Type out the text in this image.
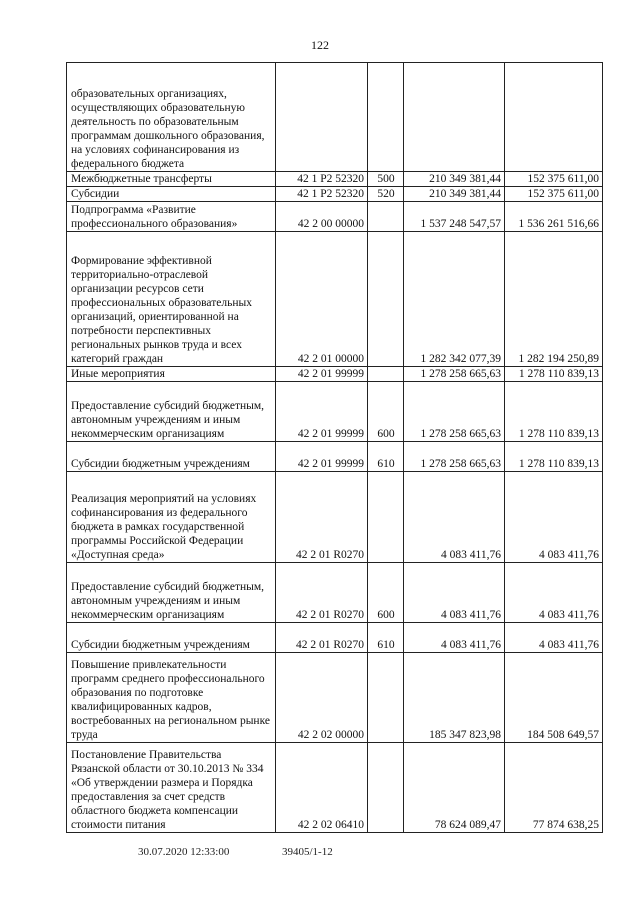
122
образовательных организациях, осуществляющих образовательную деятельность по образовательным программам дошкольного образования, на условиях софинансирования из федерального бюджета				
Межбюджетные трансферты	42 1 P2 52320	500	210 349 381,44	152 375 611,00
Субсидии	42 1 P2 52320	520	210 349 381,44	152 375 611,00
Подпрограмма «Развитие профессионального образования»	42 2 00 00000		1 537 248 547,57	1 536 261 516,66
Формирование эффективной территориально-отраслевой организации ресурсов сети профессиональных образовательных организаций, ориентированной на потребности перспективных региональных рынков труда и всех категорий граждан	42 2 01 00000		1 282 342 077,39	1 282 194 250,89
Иные мероприятия	42 2 01 99999		1 278 258 665,63	1 278 110 839,13
Предоставление субсидий бюджетным, автономным учреждениям и иным некоммерческим организациям	42 2 01 99999	600	1 278 258 665,63	1 278 110 839,13
Субсидии бюджетным учреждениям	42 2 01 99999	610	1 278 258 665,63	1 278 110 839,13
Реализация мероприятий на условиях софинансирования из федерального бюджета в рамках государственной программы Российской Федерации «Доступная среда»	42 2 01 R0270		4 083 411,76	4 083 411,76
Предоставление субсидий бюджетным, автономным учреждениям и иным некоммерческим организациям	42 2 01 R0270	600	4 083 411,76	4 083 411,76
Субсидии бюджетным учреждениям	42 2 01 R0270	610	4 083 411,76	4 083 411,76
Повышение привлекательности программ среднего профессионального образования по подготовке квалифицированных кадров, востребованных на региональном рынке труда	42 2 02 00000		185 347 823,98	184 508 649,57
Постановление Правительства Рязанской области от 30.10.2013 № 334 «Об утверждении размера и Порядка предоставления за счет средств областного бюджета компенсации стоимости питания	42 2 02 06410		78 624 089,47	77 874 638,25
30.07.2020 12:33:00	39405/1-12
